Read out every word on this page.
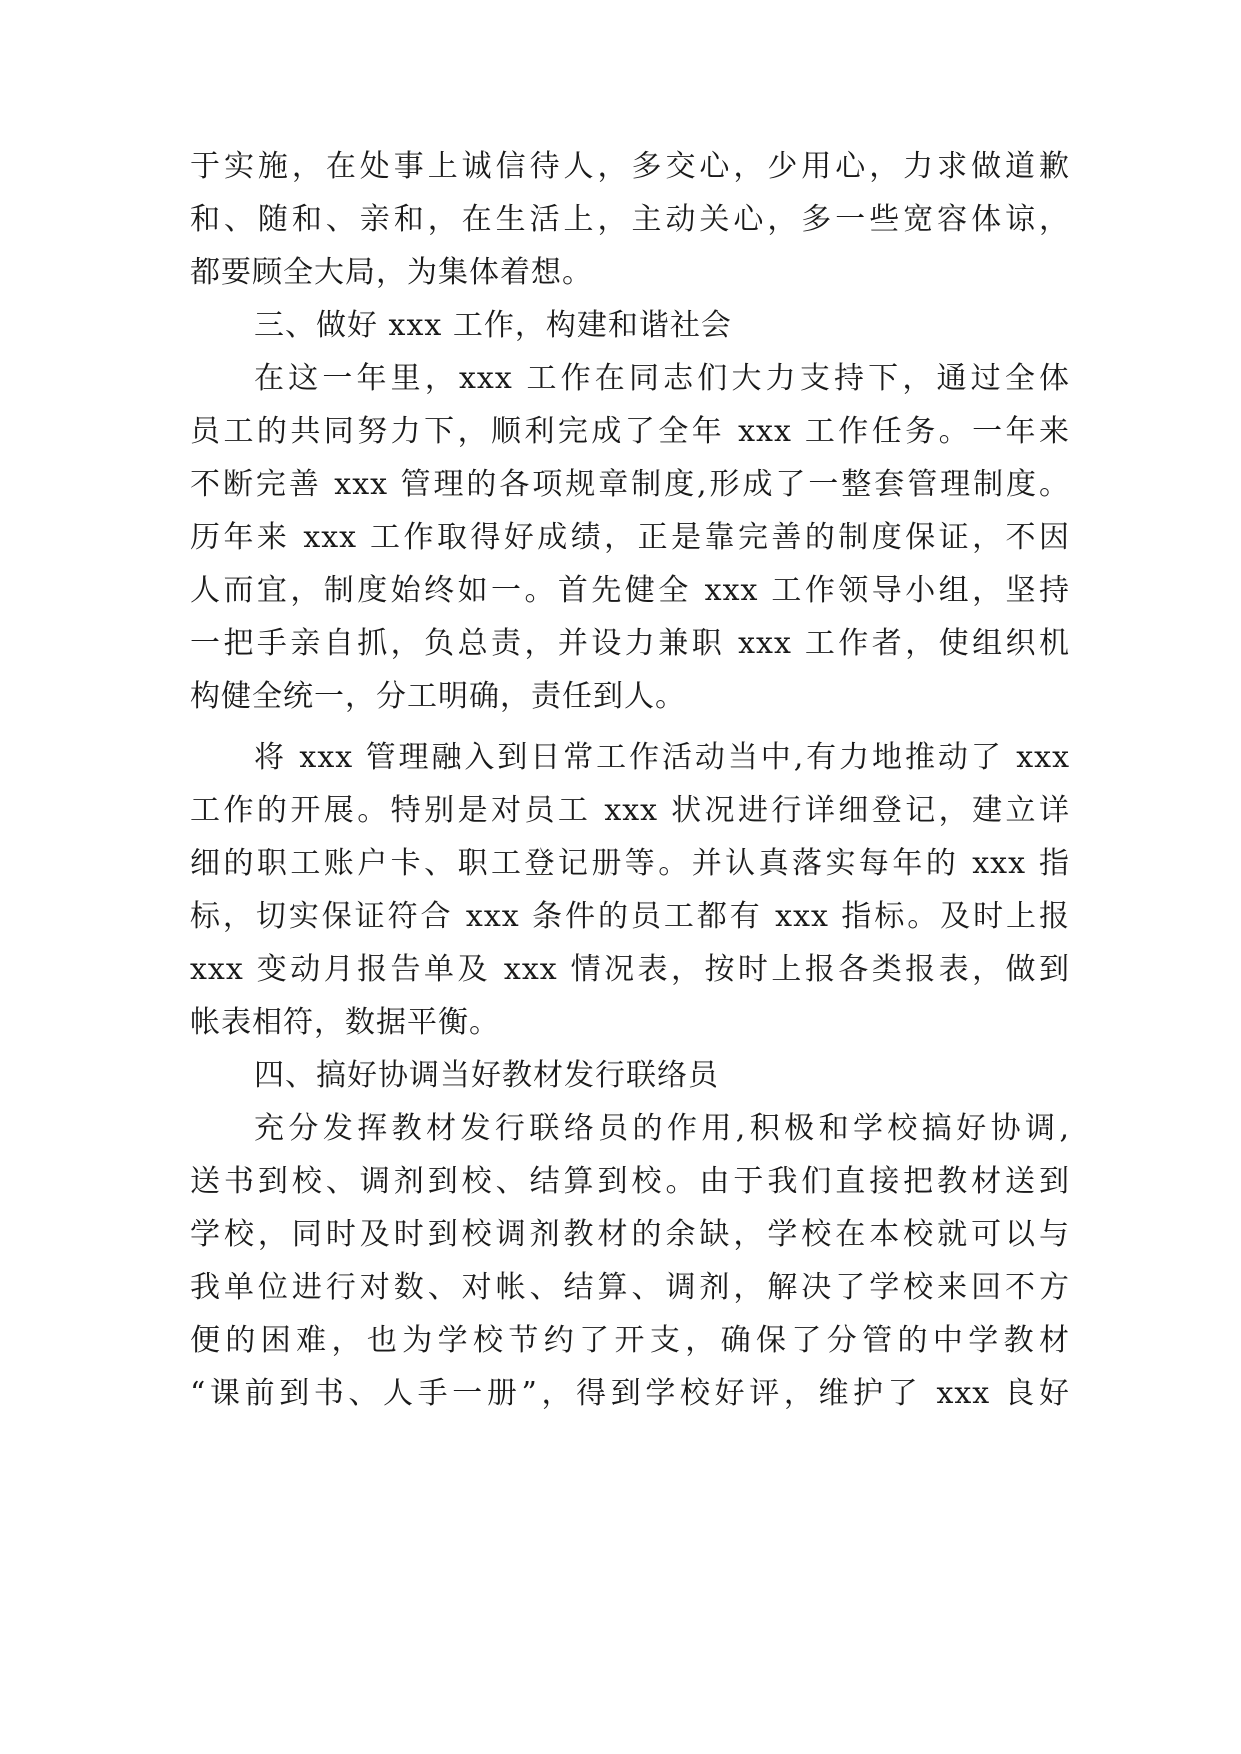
于实施，在处事上诚信待人，多交心，少用心，力求做道歉
和、随和、亲和，在生活上，主动关心，多一些宽容体谅，
都要顾全大局，为集体着想。
三、做好 xxx 工作，构建和谐社会
在这一年里，xxx 工作在同志们大力支持下，通过全体
员工的共同努力下，顺利完成了全年 xxx 工作任务。一年来
不断完善 xxx 管理的各项规章制度,形成了一整套管理制度。
历年来 xxx 工作取得好成绩，正是靠完善的制度保证，不因
人而宜，制度始终如一。首先健全 xxx 工作领导小组，坚持
一把手亲自抓，负总责，并设力兼职 xxx 工作者，使组织机
构健全统一，分工明确，责任到人。
将 xxx 管理融入到日常工作活动当中,有力地推动了 xxx
工作的开展。特别是对员工 xxx 状况进行详细登记，建立详
细的职工账户卡、职工登记册等。并认真落实每年的 xxx 指
标，切实保证符合 xxx 条件的员工都有 xxx 指标。及时上报
xxx 变动月报告单及 xxx 情况表，按时上报各类报表，做到
帐表相符，数据平衡。
四、搞好协调当好教材发行联络员
充分发挥教材发行联络员的作用,积极和学校搞好协调,
送书到校、调剂到校、结算到校。由于我们直接把教材送到
学校，同时及时到校调剂教材的余缺，学校在本校就可以与
我单位进行对数、对帐、结算、调剂，解决了学校来回不方
便的困难，也为学校节约了开支，确保了分管的中学教材
“课前到书、人手一册”，得到学校好评，维护了 xxx 良好
